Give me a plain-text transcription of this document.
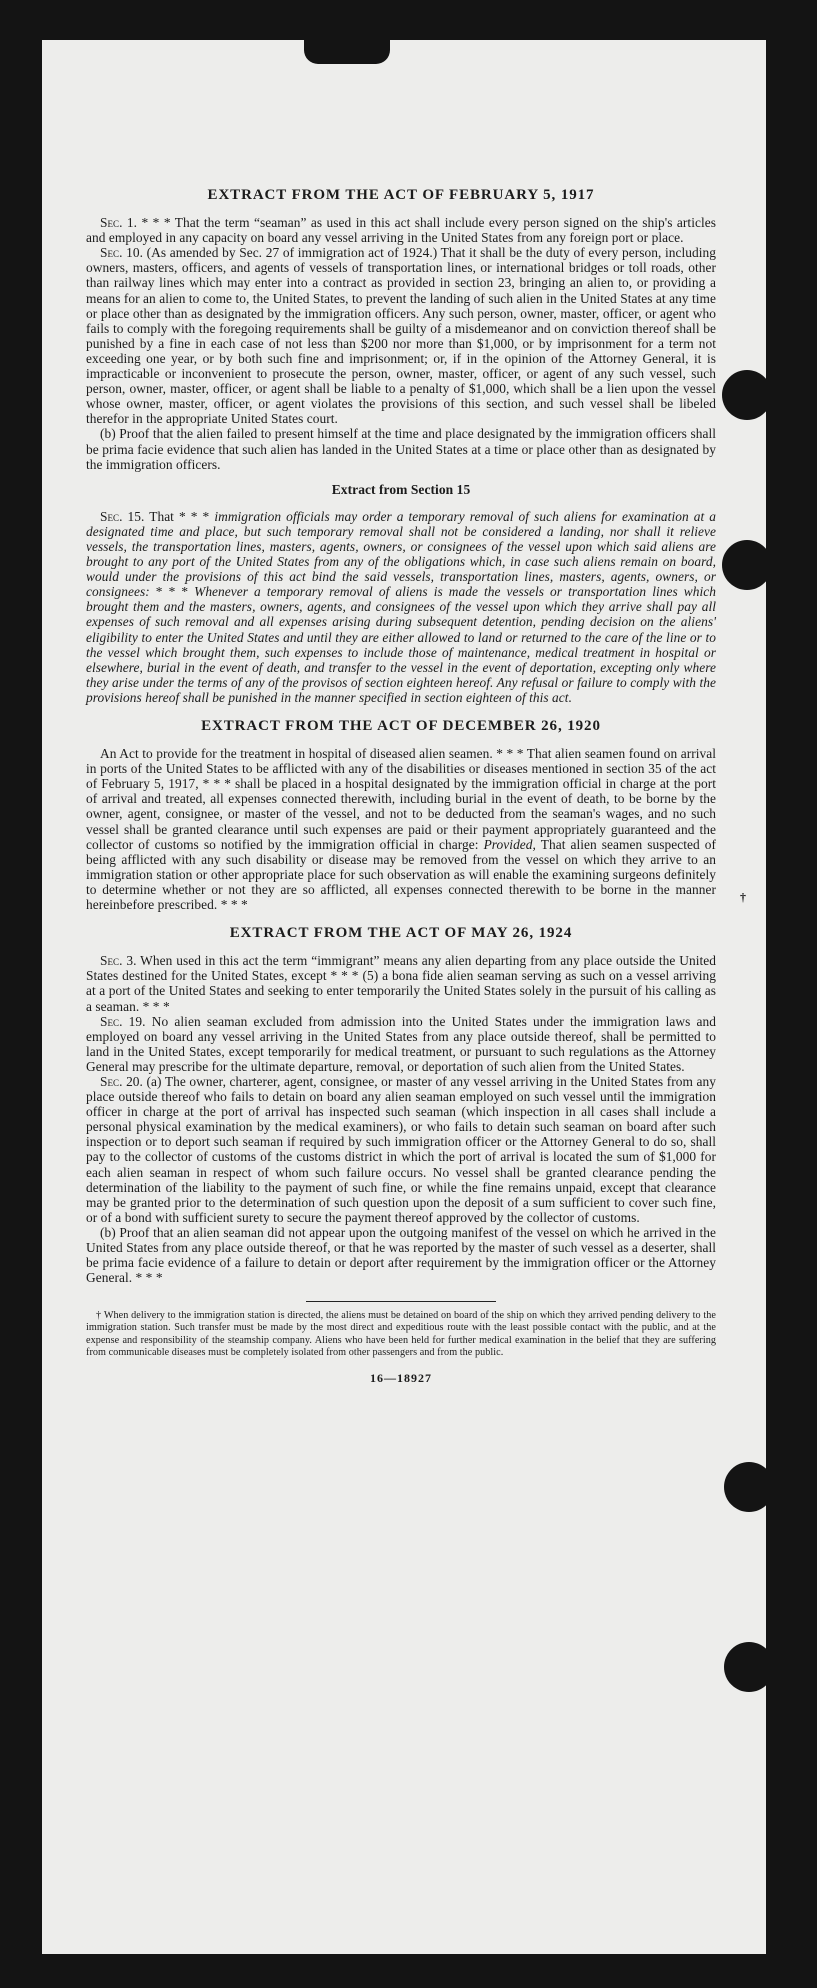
†
EXTRACT FROM THE ACT OF FEBRUARY 5, 1917

Sec. 1. * * * That the term “seaman” as used in this act shall include every person signed on the ship's articles and employed in any capacity on board any vessel arriving in the United States from any foreign port or place.

Sec. 10. (As amended by Sec. 27 of immigration act of 1924.) That it shall be the duty of every person, including owners, masters, officers, and agents of vessels of transportation lines, or international bridges or toll roads, other than railway lines which may enter into a contract as provided in section 23, bringing an alien to, or providing a means for an alien to come to, the United States, to prevent the landing of such alien in the United States at any time or place other than as designated by the immigration officers. Any such person, owner, master, officer, or agent who fails to comply with the foregoing requirements shall be guilty of a misdemeanor and on conviction thereof shall be punished by a fine in each case of not less than $200 nor more than $1,000, or by imprisonment for a term not exceeding one year, or by both such fine and imprisonment; or, if in the opinion of the Attorney General, it is impracticable or inconvenient to prosecute the person, owner, master, officer, or agent of any such vessel, such person, owner, master, officer, or agent shall be liable to a penalty of $1,000, which shall be a lien upon the vessel whose owner, master, officer, or agent violates the provisions of this section, and such vessel shall be libeled therefor in the appropriate United States court.

(b) Proof that the alien failed to present himself at the time and place designated by the immigration officers shall be prima facie evidence that such alien has landed in the United States at a time or place other than as designated by the immigration officers.

Extract from Section 15

Sec. 15. That * * * immigration officials may order a temporary removal of such aliens for examination at a designated time and place, but such temporary removal shall not be considered a landing, nor shall it relieve vessels, the transportation lines, masters, agents, owners, or consignees of the vessel upon which said aliens are brought to any port of the United States from any of the obligations which, in case such aliens remain on board, would under the provisions of this act bind the said vessels, transportation lines, masters, agents, owners, or consignees: * * * Whenever a temporary removal of aliens is made the vessels or transportation lines which brought them and the masters, owners, agents, and consignees of the vessel upon which they arrive shall pay all expenses of such removal and all expenses arising during subsequent detention, pending decision on the aliens' eligibility to enter the United States and until they are either allowed to land or returned to the care of the line or to the vessel which brought them, such expenses to include those of maintenance, medical treatment in hospital or elsewhere, burial in the event of death, and transfer to the vessel in the event of deportation, excepting only where they arise under the terms of any of the provisos of section eighteen hereof. Any refusal or failure to comply with the provisions hereof shall be punished in the manner specified in section eighteen of this act.

EXTRACT FROM THE ACT OF DECEMBER 26, 1920

An Act to provide for the treatment in hospital of diseased alien seamen. * * * That alien seamen found on arrival in ports of the United States to be afflicted with any of the disabilities or diseases mentioned in section 35 of the act of February 5, 1917, * * * shall be placed in a hospital designated by the immigration official in charge at the port of arrival and treated, all expenses connected therewith, including burial in the event of death, to be borne by the owner, agent, consignee, or master of the vessel, and not to be deducted from the seaman's wages, and no such vessel shall be granted clearance until such expenses are paid or their payment appropriately guaranteed and the collector of customs so notified by the immigration official in charge: Provided, That alien seamen suspected of being afflicted with any such disability or disease may be removed from the vessel on which they arrive to an immigration station or other appropriate place for such observation as will enable the examining surgeons definitely to determine whether or not they are so afflicted, all expenses connected therewith to be borne in the manner hereinbefore prescribed. * * *

EXTRACT FROM THE ACT OF MAY 26, 1924

Sec. 3. When used in this act the term “immigrant” means any alien departing from any place outside the United States destined for the United States, except * * * (5) a bona fide alien seaman serving as such on a vessel arriving at a port of the United States and seeking to enter temporarily the United States solely in the pursuit of his calling as a seaman. * * *

Sec. 19. No alien seaman excluded from admission into the United States under the immigration laws and employed on board any vessel arriving in the United States from any place outside thereof, shall be permitted to land in the United States, except temporarily for medical treatment, or pursuant to such regulations as the Attorney General may prescribe for the ultimate departure, removal, or deportation of such alien from the United States.

Sec. 20. (a) The owner, charterer, agent, consignee, or master of any vessel arriving in the United States from any place outside thereof who fails to detain on board any alien seaman employed on such vessel until the immigration officer in charge at the port of arrival has inspected such seaman (which inspection in all cases shall include a personal physical examination by the medical examiners), or who fails to detain such seaman on board after such inspection or to deport such seaman if required by such immigration officer or the Attorney General to do so, shall pay to the collector of customs of the customs district in which the port of arrival is located the sum of $1,000 for each alien seaman in respect of whom such failure occurs. No vessel shall be granted clearance pending the determination of the liability to the payment of such fine, or while the fine remains unpaid, except that clearance may be granted prior to the determination of such question upon the deposit of a sum sufficient to cover such fine, or of a bond with sufficient surety to secure the payment thereof approved by the collector of customs.

(b) Proof that an alien seaman did not appear upon the outgoing manifest of the vessel on which he arrived in the United States from any place outside thereof, or that he was reported by the master of such vessel as a deserter, shall be prima facie evidence of a failure to detain or deport after requirement by the immigration officer or the Attorney General. * * *

† When delivery to the immigration station is directed, the aliens must be detained on board of the ship on which they arrived pending delivery to the immigration station. Such transfer must be made by the most direct and expeditious route with the least possible contact with the public, and at the expense and responsibility of the steamship company. Aliens who have been held for further medical examination in the belief that they are suffering from communicable diseases must be completely isolated from other passengers and from the public.

16—18927
